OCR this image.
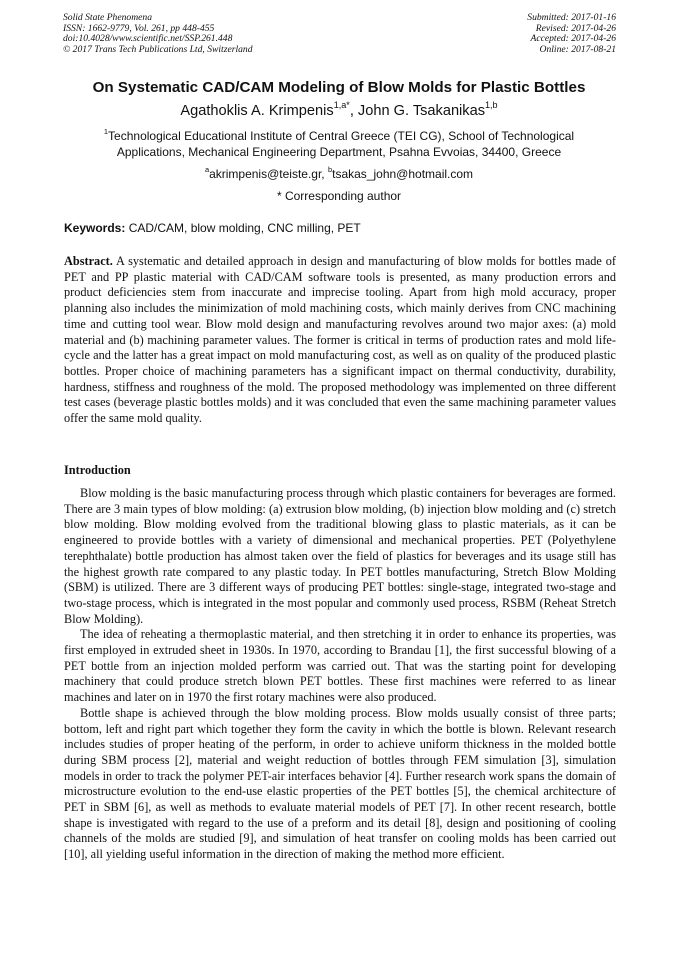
Solid State Phenomena
ISSN: 1662-9779, Vol. 261, pp 448-455
doi:10.4028/www.scientific.net/SSP.261.448
© 2017 Trans Tech Publications Ltd, Switzerland
Submitted: 2017-01-16
Revised: 2017-04-26
Accepted: 2017-04-26
Online: 2017-08-21
On Systematic CAD/CAM Modeling of Blow Molds for Plastic Bottles
Agathoklis A. Krimpenis$^{1,a*}$, John G. Tsakanikas$^{1,b}$
$^1$Technological Educational Institute of Central Greece (TEI CG), School of Technological Applications, Mechanical Engineering Department, Psahna Evvoias, 34400, Greece
$^a$akrimpenis@teiste.gr, $^b$tsakas_john@hotmail.com
* Corresponding author
Keywords: CAD/CAM, blow molding, CNC milling, PET

Abstract. A systematic and detailed approach in design and manufacturing of blow molds for bottles made of PET and PP plastic material with CAD/CAM software tools is presented, as many production errors and product deficiencies stem from inaccurate and imprecise tooling. Apart from high mold accuracy, proper planning also includes the minimization of mold machining costs, which mainly derives from CNC machining time and cutting tool wear. Blow mold design and manufacturing revolves around two major axes: (a) mold material and (b) machining parameter values. The former is critical in terms of production rates and mold life-cycle and the latter has a great impact on mold manufacturing cost, as well as on quality of the produced plastic bottles. Proper choice of machining parameters has a significant impact on thermal conductivity, durability, hardness, stiffness and roughness of the mold. The proposed methodology was implemented on three different test cases (beverage plastic bottles molds) and it was concluded that even the same machining parameter values offer the same mold quality.

Introduction

Blow molding is the basic manufacturing process through which plastic containers for beverages are formed. There are 3 main types of blow molding: (a) extrusion blow molding, (b) injection blow molding and (c) stretch blow molding. Blow molding evolved from the traditional blowing glass to plastic materials, as it can be engineered to provide bottles with a variety of dimensional and mechanical properties. PET (Polyethylene terephthalate) bottle production has almost taken over the field of plastics for beverages and its usage still has the highest growth rate compared to any plastic today. In PET bottles manufacturing, Stretch Blow Molding (SBM) is utilized. There are 3 different ways of producing PET bottles: single-stage, integrated two-stage and two-stage process, which is integrated in the most popular and commonly used process, RSBM (Reheat Stretch Blow Molding).

The idea of reheating a thermoplastic material, and then stretching it in order to enhance its properties, was first employed in extruded sheet in 1930s. In 1970, according to Brandau [1], the first successful blowing of a PET bottle from an injection molded perform was carried out. That was the starting point for developing machinery that could produce stretch blown PET bottles. These first machines were referred to as linear machines and later on in 1970 the first rotary machines were also produced.

Bottle shape is achieved through the blow molding process. Blow molds usually consist of three parts; bottom, left and right part which together they form the cavity in which the bottle is blown. Relevant research includes studies of proper heating of the perform, in order to achieve uniform thickness in the molded bottle during SBM process [2], material and weight reduction of bottles through FEM simulation [3], simulation models in order to track the polymer PET-air interfaces behavior [4]. Further research work spans the domain of microstructure evolution to the end-use elastic properties of the PET bottles [5], the chemical architecture of PET in SBM [6], as well as methods to evaluate material models of PET [7]. In other recent research, bottle shape is investigated with regard to the use of a preform and its detail [8], design and positioning of cooling channels of the molds are studied [9], and simulation of heat transfer on cooling molds has been carried out [10], all yielding useful information in the direction of making the method more efficient.
